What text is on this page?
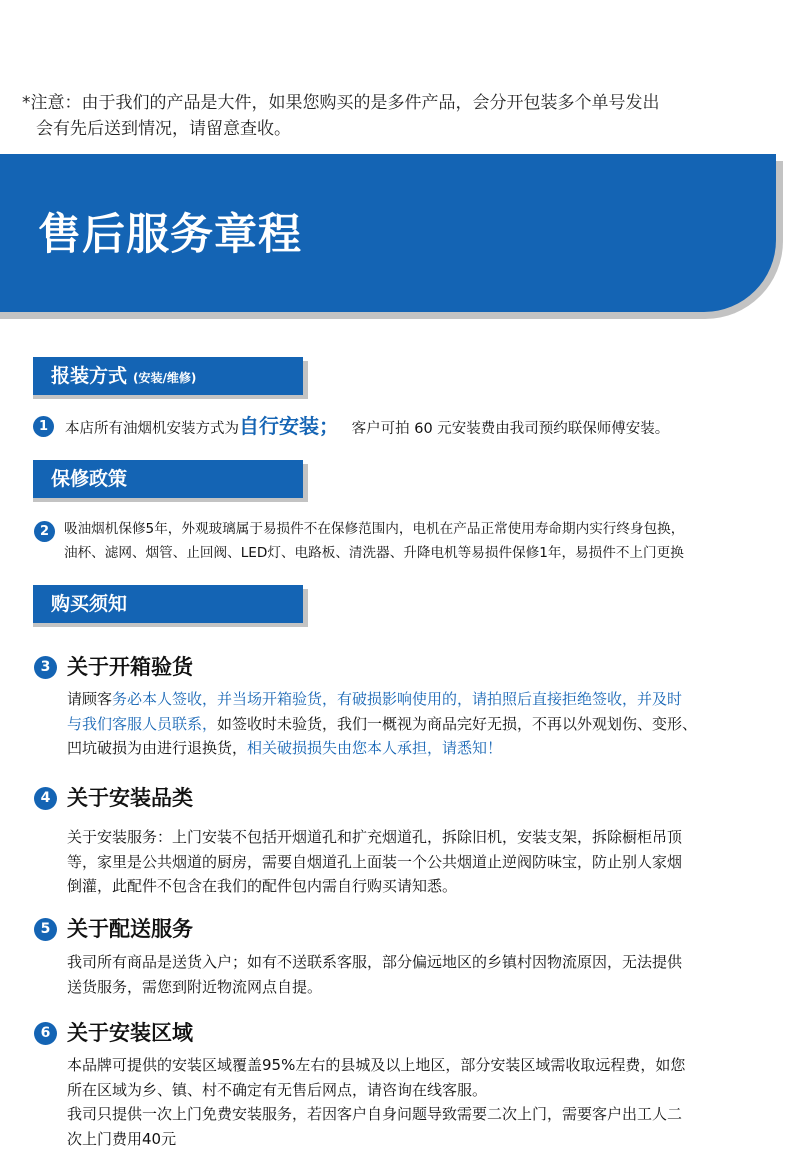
*注意：由于我们的产品是大件，如果您购买的是多件产品，会分开包装多个单号发出
会有先后送到情况，请留意查收。
售后服务章程
报装方式 (安装/维修)
1	本店所有油烟机安装方式为自行安装； 客户可拍 60 元安装费由我司预约联保师傅安装。
保修政策
2	吸油烟机保修5年，外观玻璃属于易损件不在保修范围内，电机在产品正常使用寿命期内实行终身包换，
油杯、滤网、烟管、止回阀、LED灯、电路板、清洗器、升降电机等易损件保修1年，易损件不上门更换
购买须知
3 关于开箱验货
请顾客务必本人签收，并当场开箱验货，有破损影响使用的，请拍照后直接拒绝签收，并及时
与我们客服人员联系，如签收时未验货，我们一概视为商品完好无损，不再以外观划伤、变形、
凹坑破损为由进行退换货，相关破损损失由您本人承担，请悉知！
4 关于安装品类
关于安装服务：上门安装不包括开烟道孔和扩充烟道孔，拆除旧机，安装支架，拆除橱柜吊顶
等，家里是公共烟道的厨房，需要自烟道孔上面装一个公共烟道止逆阀防味宝，防止别人家烟
倒灌，此配件不包含在我们的配件包内需自行购买请知悉。
5 关于配送服务
我司所有商品是送货入户；如有不送联系客服，部分偏远地区的乡镇村因物流原因，无法提供
送货服务，需您到附近物流网点自提。
6 关于安装区域
本品牌可提供的安装区域覆盖95%左右的县城及以上地区，部分安装区域需收取远程费，如您
所在区域为乡、镇、村不确定有无售后网点，请咨询在线客服。
我司只提供一次上门免费安装服务，若因客户自身问题导致需要二次上门，需要客户出工人二
次上门费用40元
